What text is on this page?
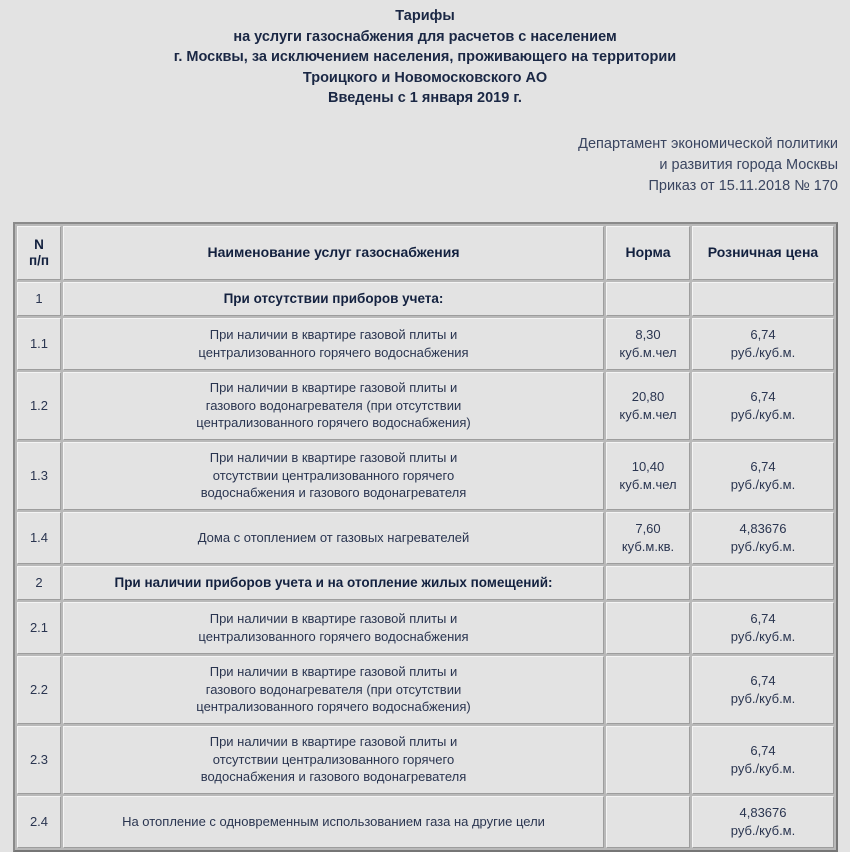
Тарифы
на услуги газоснабжения для расчетов с населением
г. Москвы, за исключением населения, проживающего на территории
Троицкого и Новомосковского АО
Введены с 1 января 2019 г.
Департамент экономической политики
и развития города Москвы
Приказ от 15.11.2018 № 170
N
п/п	Наименование услуг газоснабжения	Норма	Розничная цена
1	При отсутствии приборов учета:		
1.1	При наличии в квартире газовой плиты и
централизованного горячего водоснабжения	8,30
куб.м.чел	6,74
руб./куб.м.

1.2	При наличии в квартире газовой плиты и
газового водонагревателя (при отсутствии
централизованного горячего водоснабжения)	20,80
куб.м.чел	6,74
руб./куб.м.

1.3	При наличии в квартире газовой плиты и
отсутствии централизованного горячего
водоснабжения и газового водонагревателя	10,40
куб.м.чел	6,74
руб./куб.м.

1.4	Дома с отоплением от газовых нагревателей	7,60
куб.м.кв.	4,83676
руб./куб.м.

2	При наличии приборов учета и на отопление жилых помещений:		
2.1	При наличии в квартире газовой плиты и
централизованного горячего водоснабжения		6,74
руб./куб.м.

2.2	При наличии в квартире газовой плиты и
газового водонагревателя (при отсутствии
централизованного горячего водоснабжения)		6,74
руб./куб.м.

2.3	При наличии в квартире газовой плиты и
отсутствии централизованного горячего
водоснабжения и газового водонагревателя		6,74
руб./куб.м.

2.4	На отопление с одновременным использованием газа на другие цели		4,83676
руб./куб.м.
